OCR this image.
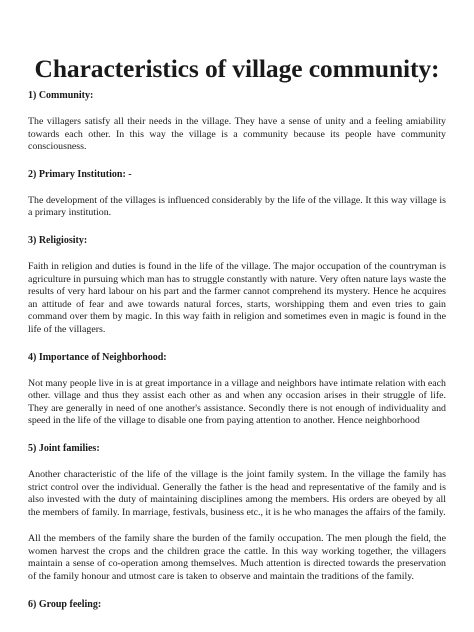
Characteristics of village community:
1) Community:

The villagers satisfy all their needs in the village. They have a sense of unity and a feeling amiability towards each other. In this way the village is a community because its people have community consciousness.

2) Primary Institution: -

The development of the villages is influenced considerably by the life of the village. It this way village is a primary institution.

3) Religiosity:

Faith in religion and duties is found in the life of the village. The major occupation of the countryman is agriculture in pursuing which man has to struggle constantly with nature. Very often nature lays waste the results of very hard labour on his part and the farmer cannot comprehend its mystery. Hence he acquires an attitude of fear and awe towards natural forces, starts, worshipping them and even tries to gain command over them by magic. In this way faith in religion and sometimes even in magic is found in the life of the villagers.

4) Importance of Neighborhood:

Not many people live in is at great importance in a village and neighbors have intimate relation with each other. village and thus they assist each other as and when any occasion arises in their struggle of life. They are generally in need of one another's assistance. Secondly there is not enough of individuality and speed in the life of the village to disable one from paying attention to another. Hence neighborhood

5) Joint families:

Another characteristic of the life of the village is the joint family system. In the village the family has strict control over the individual. Generally the father is the head and representative of the family and is also invested with the duty of maintaining disciplines among the members. His orders are obeyed by all the members of family. In marriage, festivals, business etc., it is he who manages the affairs of the family.

All the members of the family share the burden of the family occupation. The men plough the field, the women harvest the crops and the children grace the cattle. In this way working together, the villagers maintain a sense of co-operation among themselves. Much attention is directed towards the preservation of the family honour and utmost care is taken to observe and maintain the traditions of the family.

6) Group feeling:
